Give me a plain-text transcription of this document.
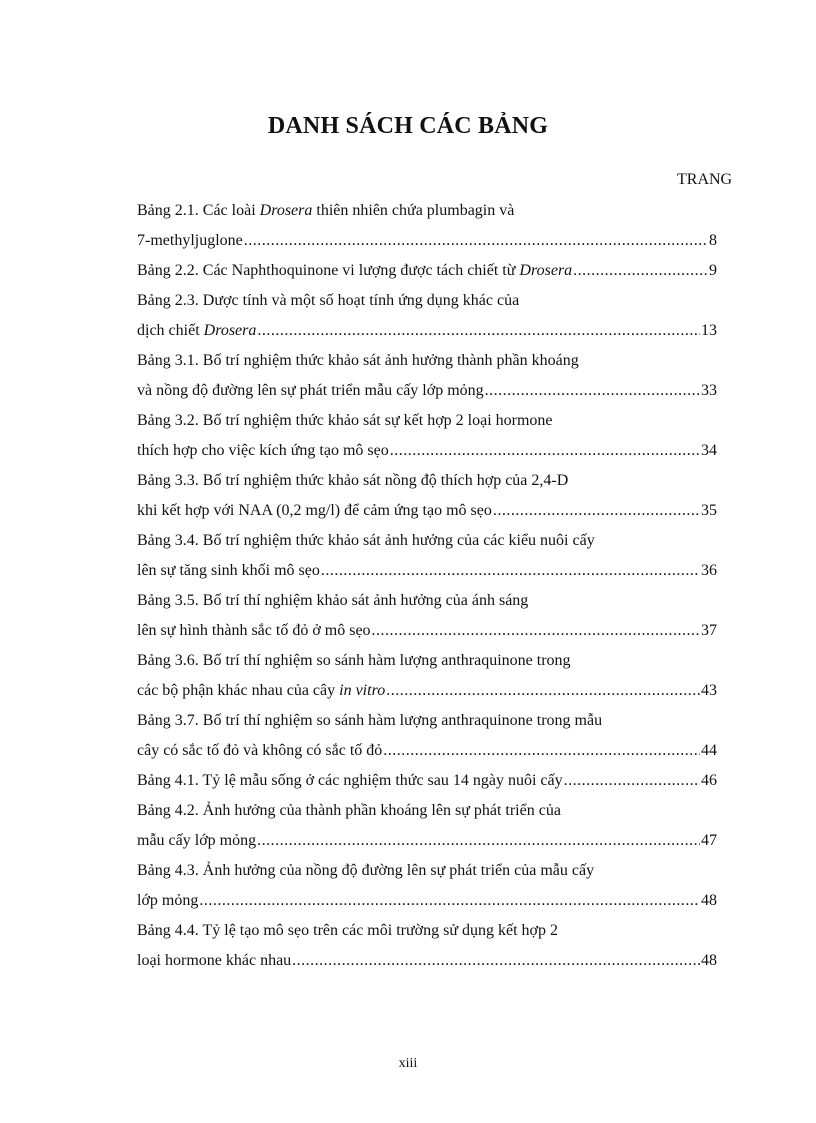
DANH SÁCH CÁC BẢNG
TRANG
Bảng 2.1. Các loài Drosera thiên nhiên chứa plumbagin và
7-methyljuglone .....	8
Bảng 2.2. Các Naphthoquinone vi lượng được tách chiết từ Drosera .....	9
Bảng 2.3. Dược tính và một số hoạt tính ứng dụng khác của
dịch chiết Drosera .....	13
Bảng 3.1. Bố trí nghiệm thức khảo sát ảnh hưởng thành phần khoáng
và nồng độ đường lên sự phát triển mẫu cấy lớp mỏng .....	33
Bảng 3.2. Bố trí nghiệm thức khảo sát sự kết hợp 2 loại hormone
thích hợp cho việc kích ứng tạo mô sẹo .....	34
Bảng 3.3. Bố trí nghiệm thức khảo sát nồng độ thích hợp của 2,4-D
khi kết hợp với NAA (0,2 mg/l) để cảm ứng tạo mô sẹo .....	35
Bảng 3.4. Bố trí nghiệm thức khảo sát ảnh hưởng của các kiểu nuôi cấy
lên sự tăng sinh khối mô sẹo .....	36
Bảng 3.5. Bố trí thí nghiệm khảo sát ảnh hưởng của ánh sáng
lên sự hình thành sắc tố đỏ ở mô sẹo .....	37
Bảng 3.6. Bố trí thí nghiệm so sánh hàm lượng anthraquinone trong
các bộ phận khác nhau của cây in vitro .....	43
Bảng 3.7. Bố trí thí nghiệm so sánh hàm lượng anthraquinone trong mẫu
cây có sắc tố đỏ và không có sắc tố đỏ .....	44
Bảng 4.1. Tỷ lệ mẫu sống ở các nghiệm thức sau 14 ngày nuôi cấy .....	46
Bảng 4.2. Ảnh hưởng của thành phần khoáng lên sự phát triển của
mẫu cấy lớp mỏng .....	47
Bảng 4.3. Ảnh hưởng của nồng độ đường lên sự phát triển của mẫu cấy
lớp mỏng .....	48
Bảng 4.4. Tỷ lệ tạo mô sẹo trên các môi trường sử dụng kết hợp 2
loại hormone khác nhau .....	48
xiii
